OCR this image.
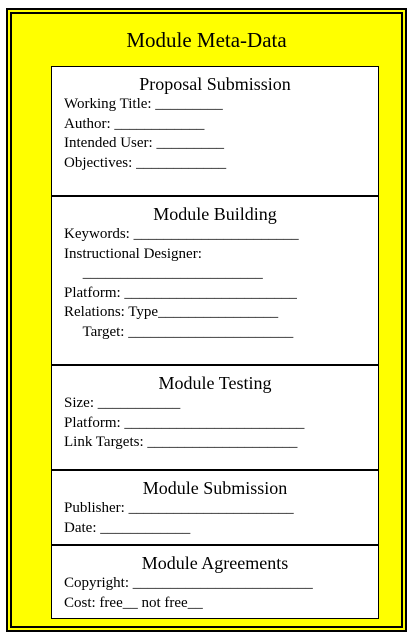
Module Meta-Data
Proposal Submission
Working Title: _________
Author: ____________
Intended User: _________
Objectives: ____________
Module Building
Keywords: ______________________
Instructional Designer:
________________________
Platform: _______________________
Relations: Type________________
Target: ______________________
Module Testing
Size: ___________
Platform: ________________________
Link Targets: ____________________
Module Submission
Publisher: ______________________
Date: ____________
Module Agreements
Copyright: ________________________
Cost: free__ not free__
